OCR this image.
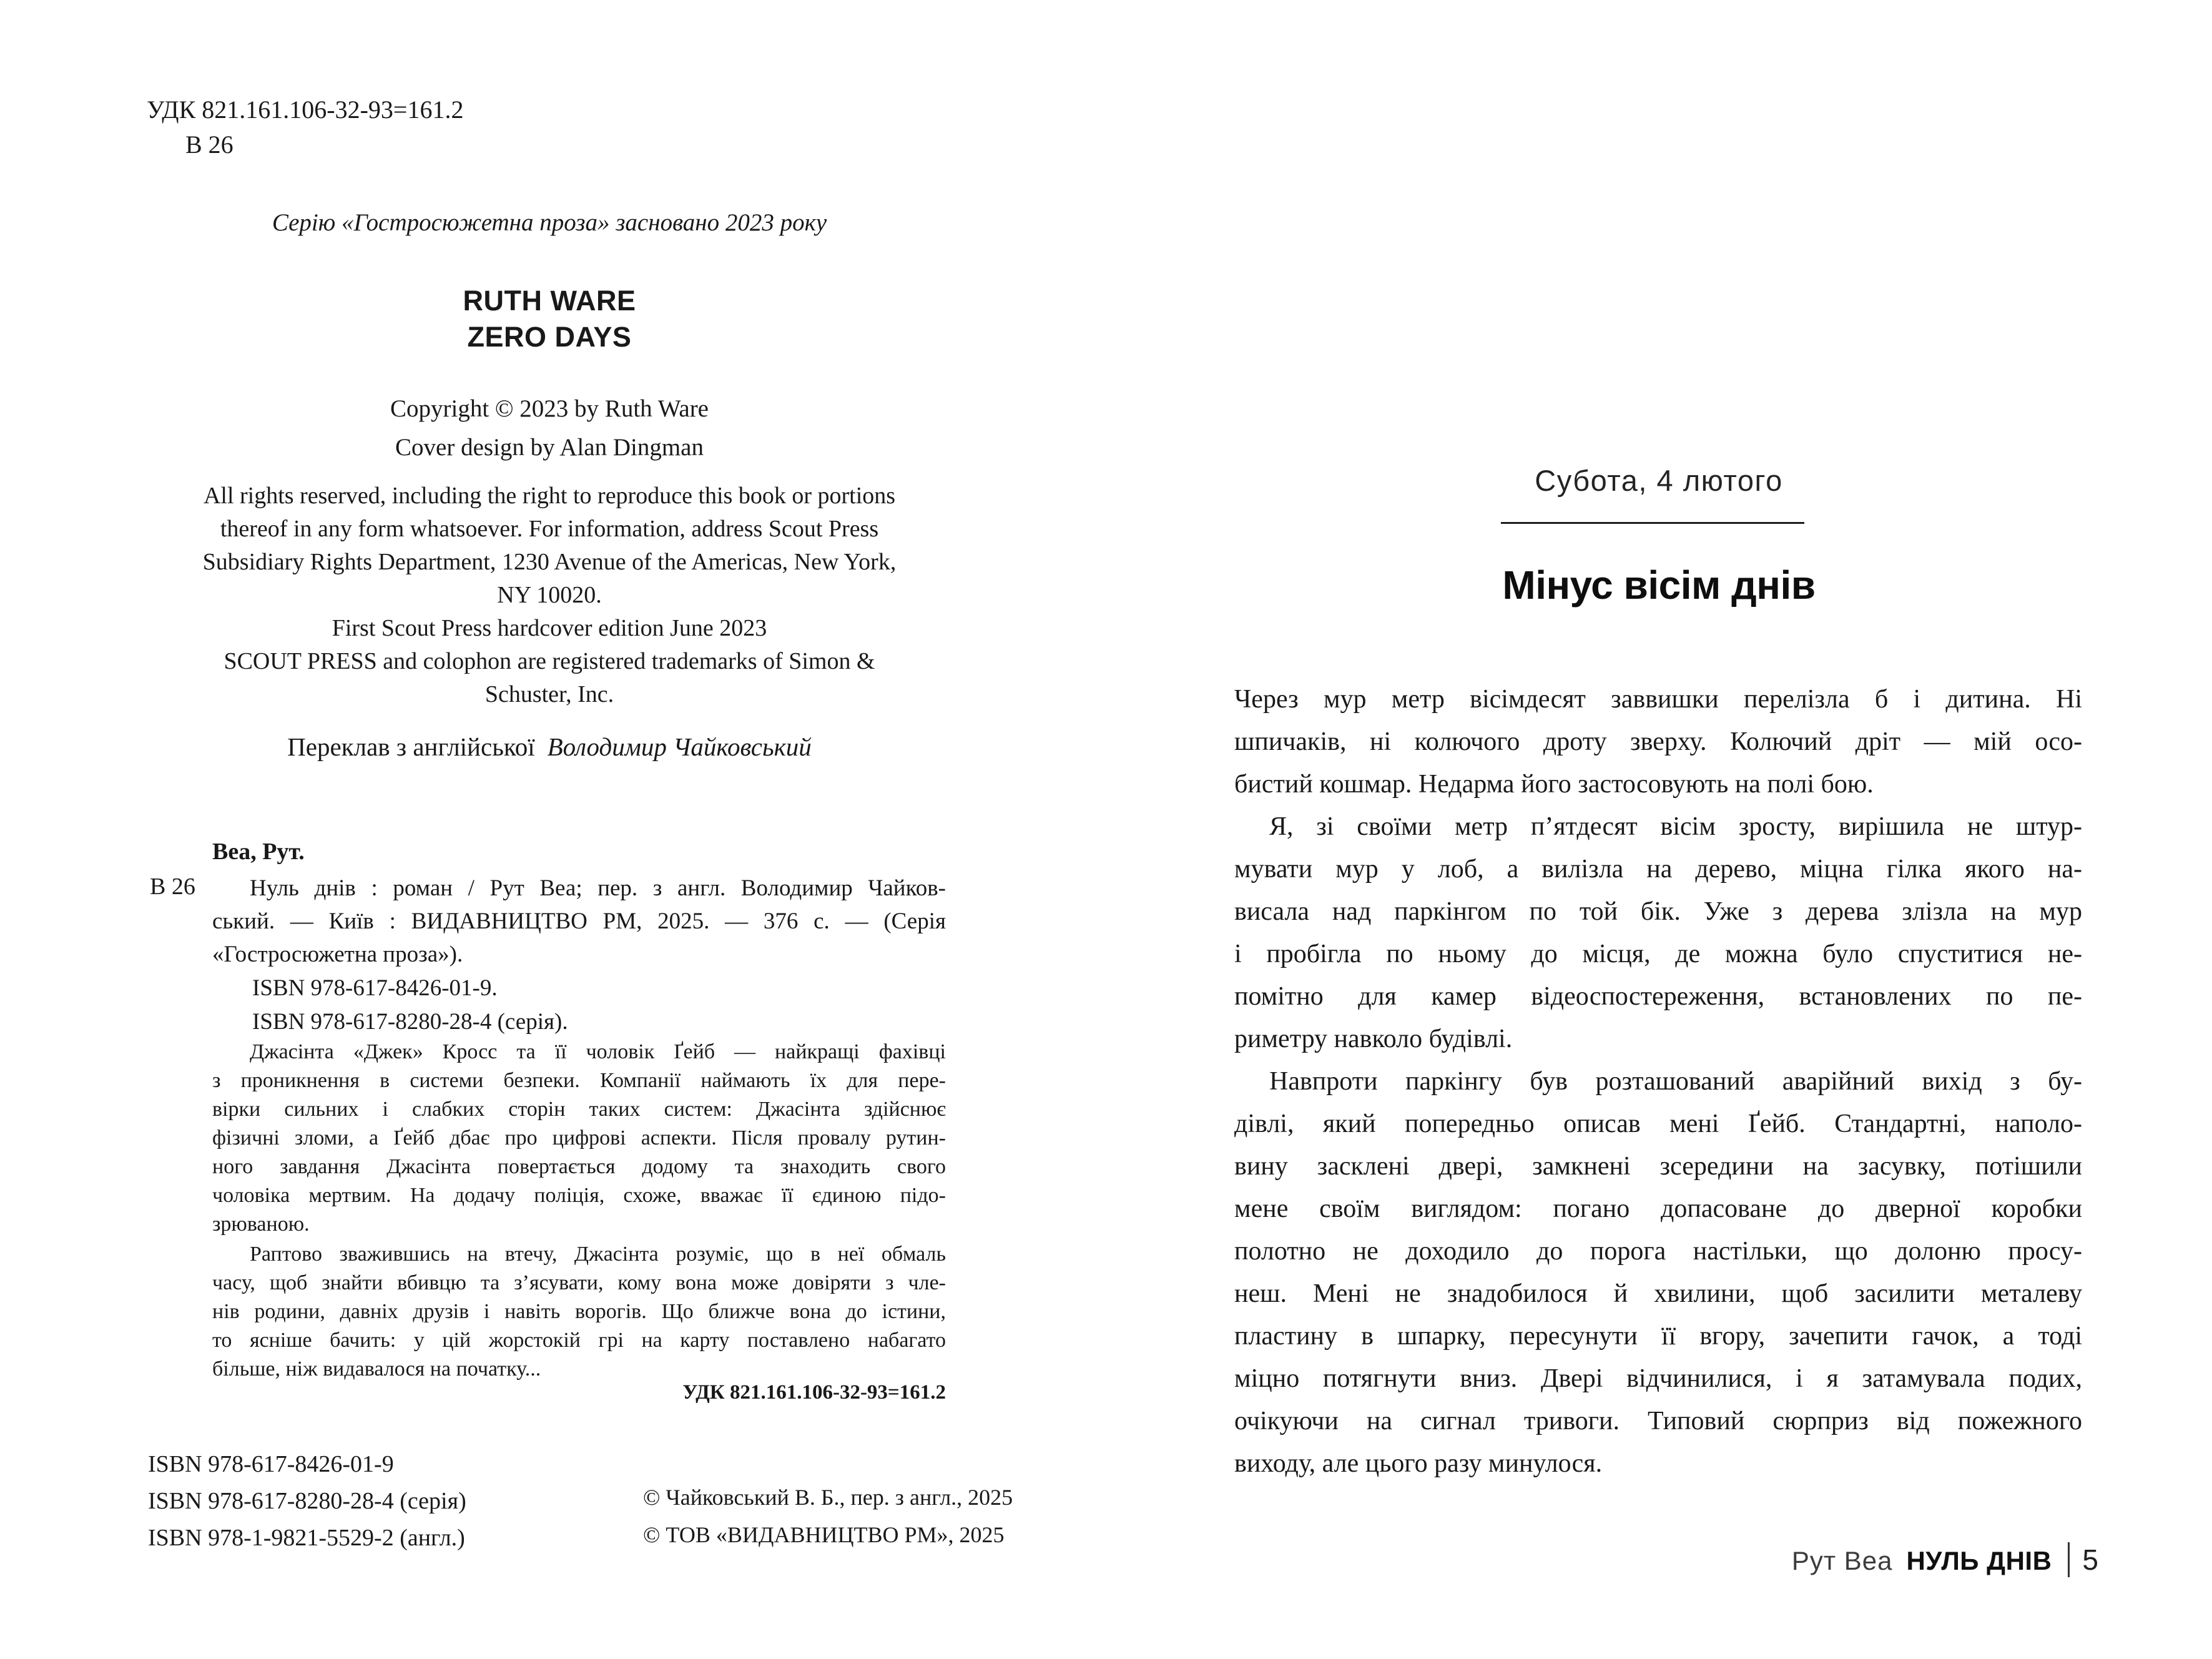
УДК 821.161.106-32-93=161.2
В 26
Серію «Гостросюжетна проза» засновано 2023 року
RUTH WARE
ZERO DAYS
Copyright © 2023 by Ruth Ware
Cover design by Alan Dingman
All rights reserved, including the right to reproduce this book or portions
thereof in any form whatsoever. For information, address Scout Press
Subsidiary Rights Department, 1230 Avenue of the Americas, New York,
NY 10020.
First Scout Press hardcover edition June 2023
SCOUT PRESS and colophon are registered trademarks of Simon &
Schuster, Inc.
Переклав з англійської Володимир Чайковський
Веа, Рут.
В 26	Нуль днів : роман / Рут Веа; пер. з англ. Володимир Чайков-
ський. — Київ : ВИДАВНИЦТВО РМ, 2025. — 376 с. — (Серія
«Гостросюжетна проза»).
ISBN 978-617-8426-01-9.
ISBN 978-617-8280-28-4 (серія).
Джасінта «Джек» Кросс та її чоловік Ґейб — найкращі фахівці
з проникнення в системи безпеки. Компанії наймають їх для пере-
вірки сильних і слабких сторін таких систем: Джасінта здійснює
фізичні зломи, а Ґейб дбає про цифрові аспекти. Після провалу рутин-
ного завдання Джасінта повертається додому та знаходить свого
чоловіка мертвим. На додачу поліція, схоже, вважає її єдиною підо-
зрюваною.
Раптово зважившись на втечу, Джасінта розуміє, що в неї обмаль
часу, щоб знайти вбивцю та з’ясувати, кому вона може довіряти з чле-
нів родини, давніх друзів і навіть ворогів. Що ближче вона до істини,
то ясніше бачить: у цій жорстокій грі на карту поставлено набагато
більше, ніж видавалося на початку...
УДК 821.161.106-32-93=161.2
ISBN 978-617-8426-01-9
ISBN 978-617-8280-28-4 (серія)
ISBN 978-1-9821-5529-2 (англ.)
© Чайковський В. Б., пер. з англ., 2025
© ТОВ «ВИДАВНИЦТВО РМ», 2025
Субота, 4 лютого
Мінус вісім днів
Через мур метр вісімдесят заввишки перелізла б і дитина. Ні
шпичаків, ні колючого дроту зверху. Колючий дріт — мій осо-
бистий кошмар. Недарма його застосовують на полі бою.
Я, зі своїми метр п’ятдесят вісім зросту, вирішила не штур-
мувати мур у лоб, а вилізла на дерево, міцна гілка якого на-
висала над паркінгом по той бік. Уже з дерева злізла на мур
і пробігла по ньому до місця, де можна було спуститися не-
помітно для камер відеоспостереження, встановлених по пе-
риметру навколо будівлі.
Навпроти паркінгу був розташований аварійний вихід з бу-
дівлі, який попередньо описав мені Ґейб. Стандартні, наполо-
вину засклені двері, замкнені зсередини на засувку, потішили
мене своїм виглядом: погано допасоване до дверної коробки
полотно не доходило до порога настільки, що долоню просу-
неш. Мені не знадобилося й хвилини, щоб засилити металеву
пластину в шпарку, пересунути її вгору, зачепити гачок, а тоді
міцно потягнути вниз. Двері відчинилися, і я затамувала подих,
очікуючи на сигнал тривоги. Типовий сюрприз від пожежного
виходу, але цього разу минулося.
Рут Веа НУЛЬ ДНІВ 5
